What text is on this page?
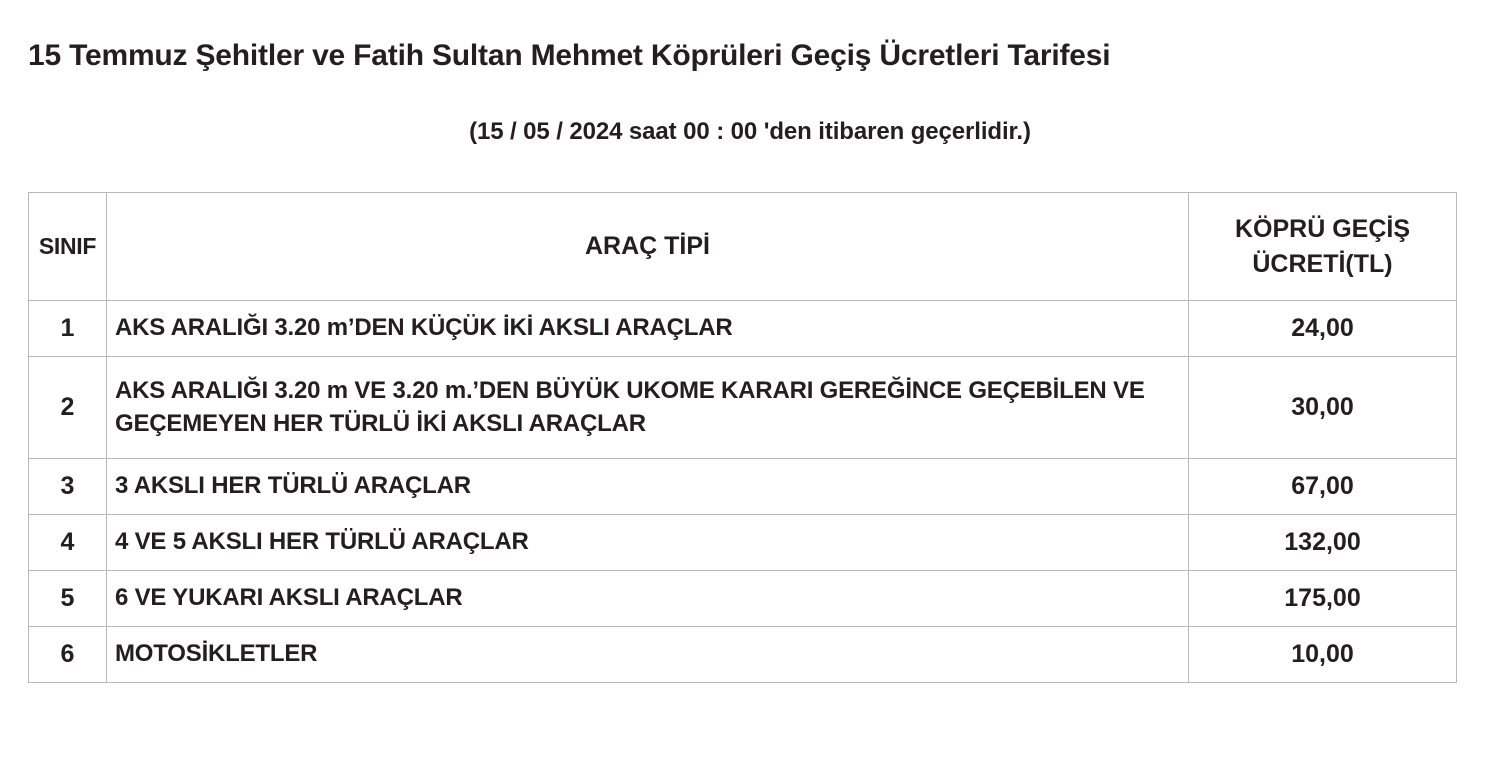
15 Temmuz Şehitler ve Fatih Sultan Mehmet Köprüleri Geçiş Ücretleri Tarifesi

(15 / 05 / 2024 saat 00 : 00 'den itibaren geçerlidir.)

SINIF	ARAÇ TİPİ	KÖPRÜ GEÇİŞ ÜCRETİ(TL)
1	AKS ARALIĞI 3.20 m’DEN KÜÇÜK İKİ AKSLI ARAÇLAR	24,00
2	AKS ARALIĞI 3.20 m VE 3.20 m.’DEN BÜYÜK UKOME KARARI GEREĞİNCE GEÇEBİLEN VE GEÇEMEYEN HER TÜRLÜ İKİ AKSLI ARAÇLAR	30,00
3	3 AKSLI HER TÜRLÜ ARAÇLAR	67,00
4	4 VE 5 AKSLI HER TÜRLÜ ARAÇLAR	132,00
5	6 VE YUKARI AKSLI ARAÇLAR	175,00
6	MOTOSİKLETLER	10,00
